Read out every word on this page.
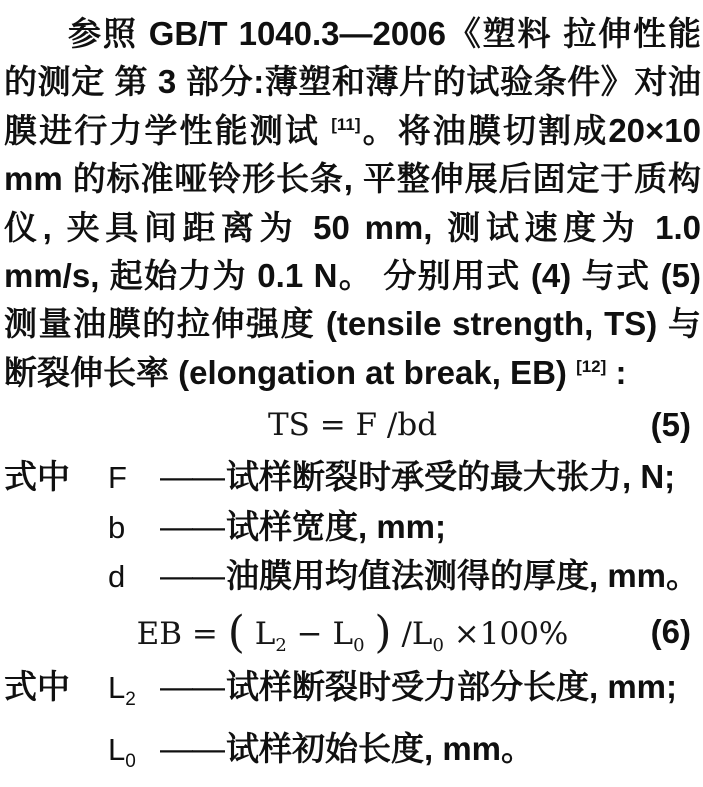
参照 GB/T 1040.3—2006《塑料 拉伸性能的测定 第 3 部分:薄塑和薄片的试验条件》对油膜进行力学性能测试 [11]。将油膜切割成20×10 mm 的标准哑铃形长条, 平整伸展后固定于质构仪, 夹具间距离为 50 mm, 测试速度为 1.0 mm/s, 起始力为 0.1 N。 分别用式 (4) 与式 (5) 测量油膜的拉伸强度 (tensile strength, TS) 与断裂伸长率 (elongation at break, EB) [12] :

TS = F /bd	(5)
式中	F	——试样断裂时承受的最大张力, N;
b	——试样宽度, mm;
d	——油膜用均值法测得的厚度, mm。
EB = ( $L_2 - L_0$ ) $/L_0 \times 100\%$ (6)
式中	$L_2$ ——试样断裂时受力部分长度, mm;
$L_0$ ——试样初始长度, mm。
